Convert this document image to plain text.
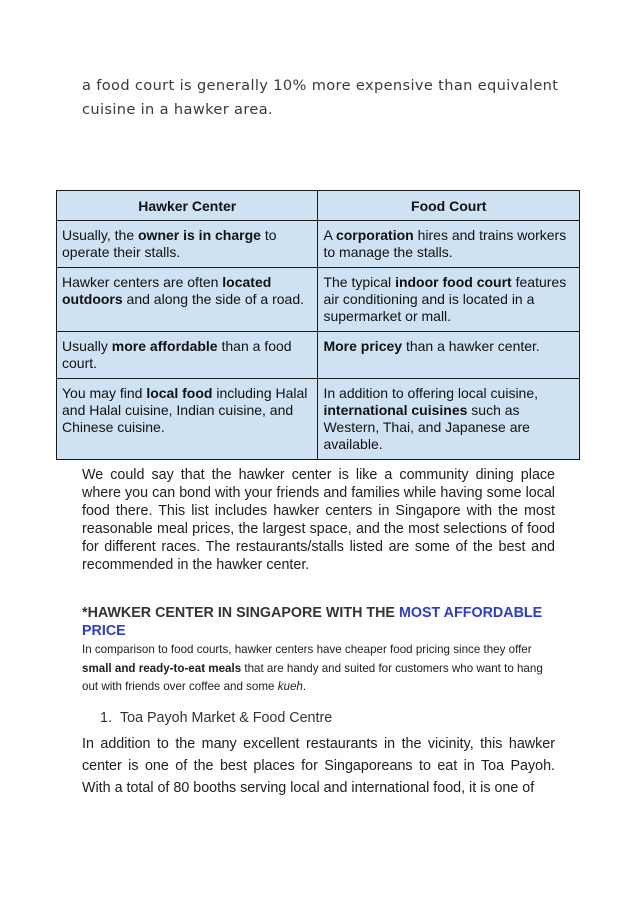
a food court is generally 10% more expensive than equivalent
cuisine in a hawker area.
Hawker Center	Food Court
Usually, the owner is in charge to operate their stalls.	A corporation hires and trains workers to manage the stalls.
Hawker centers are often located outdoors and along the side of a road.	The typical indoor food court features air conditioning and is located in a supermarket or mall.
Usually more affordable than a food court.	More pricey than a hawker center.
You may find local food including Halal and Halal cuisine, Indian cuisine, and Chinese cuisine.	In addition to offering local cuisine, international cuisines such as Western, Thai, and Japanese are available.
We could say that the hawker center is like a community dining place where you can bond with your friends and families while having some local food there. This list includes hawker centers in Singapore with the most reasonable meal prices, the largest space, and the most selections of food for different races. The restaurants/stalls listed are some of the best and recommended in the hawker center.
*HAWKER CENTER IN SINGAPORE WITH THE MOST AFFORDABLE PRICE
In comparison to food courts, hawker centers have cheaper food pricing since they offer small and ready-to-eat meals that are handy and suited for customers who want to hang out with friends over coffee and some kueh.
1. Toa Payoh Market & Food Centre
In addition to the many excellent restaurants in the vicinity, this hawker center is one of the best places for Singaporeans to eat in Toa Payoh. With a total of 80 booths serving local and international food, it is one of
